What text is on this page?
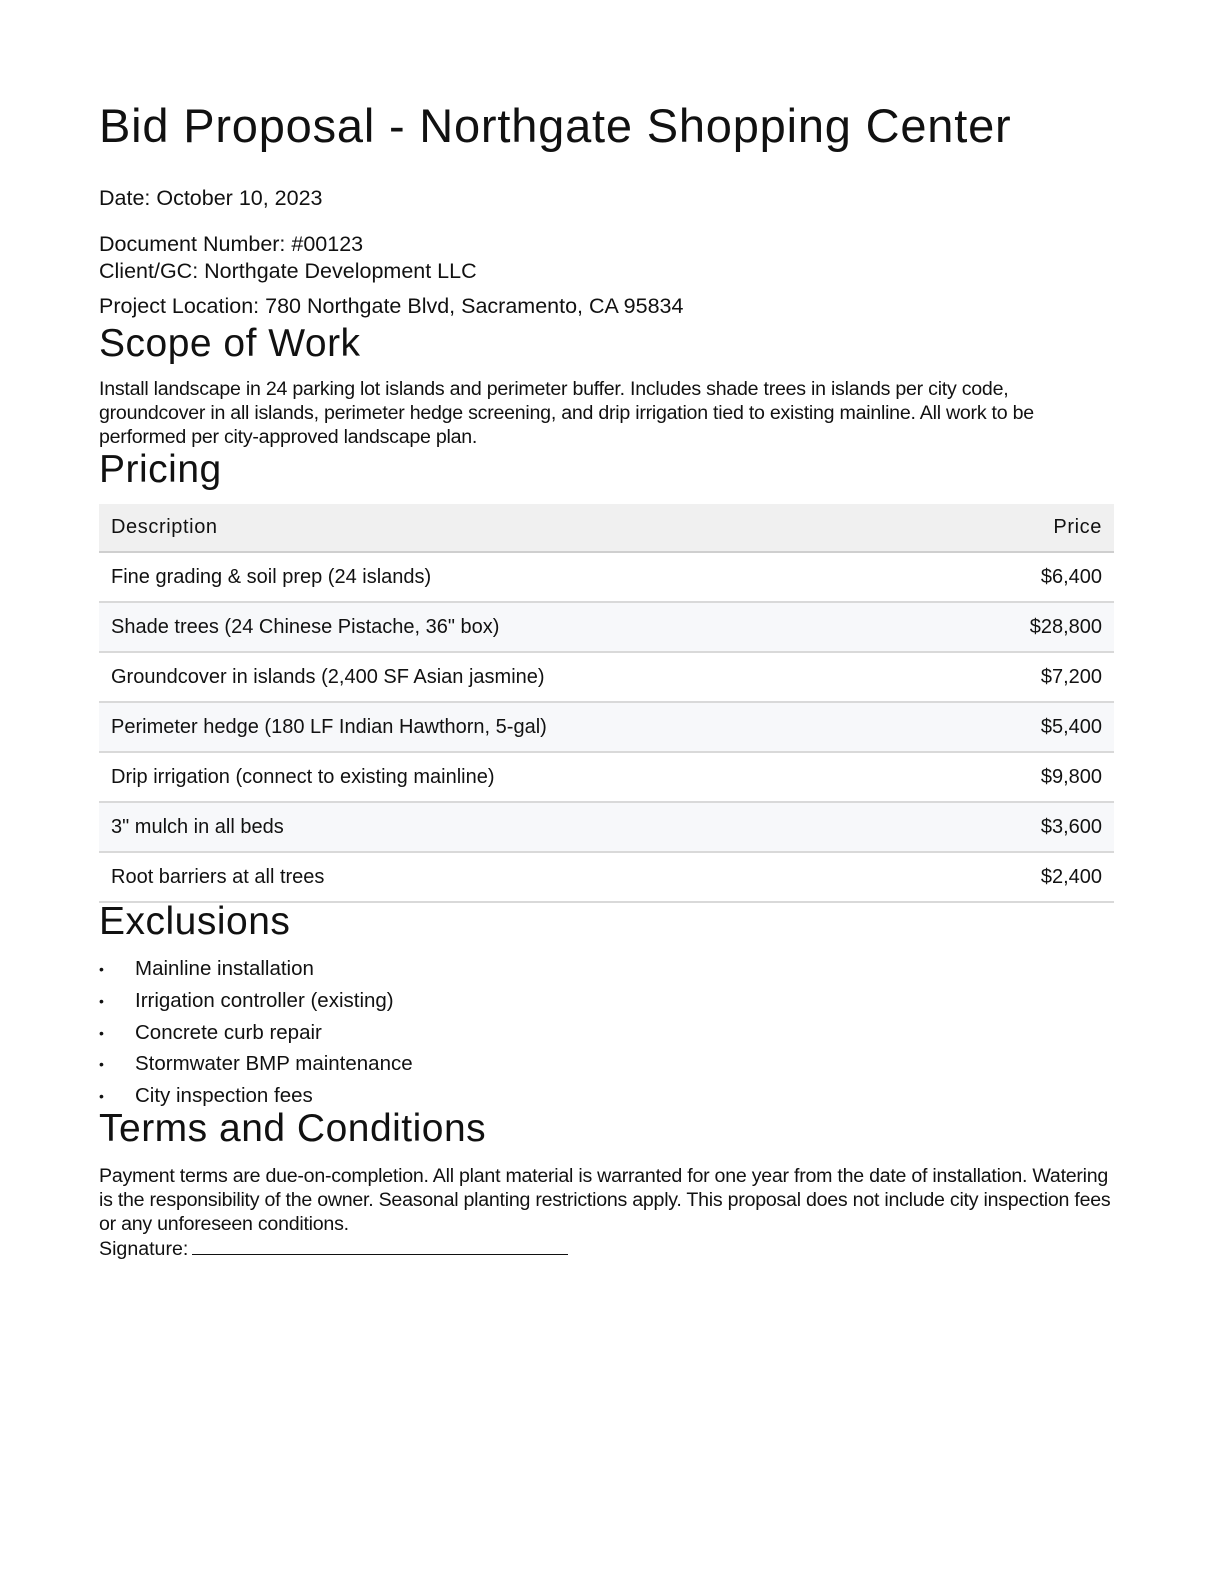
Bid Proposal - Northgate Shopping Center

Date: October 10, 2023

Document Number: #00123

Client/GC: Northgate Development LLC

Project Location: 780 Northgate Blvd, Sacramento, CA 95834

Scope of Work

Install landscape in 24 parking lot islands and perimeter buffer. Includes shade trees in islands per city code, groundcover in all islands, perimeter hedge screening, and drip irrigation tied to existing mainline. All work to be performed per city-approved landscape plan.

Pricing
Description	Price
Fine grading & soil prep (24 islands)	$6,400
Shade trees (24 Chinese Pistache, 36" box)	$28,800
Groundcover in islands (2,400 SF Asian jasmine)	$7,200
Perimeter hedge (180 LF Indian Hawthorn, 5-gal)	$5,400
Drip irrigation (connect to existing mainline)	$9,800
3" mulch in all beds	$3,600
Root barriers at all trees	$2,400
Exclusions
• Mainline installation
• Irrigation controller (existing)
• Concrete curb repair
• Stormwater BMP maintenance
• City inspection fees
Terms and Conditions

Payment terms are due-on-completion. All plant material is warranted for one year from the date of installation. Watering is the responsibility of the owner. Seasonal planting restrictions apply. This proposal does not include city inspection fees or any unforeseen conditions.

Signature:
